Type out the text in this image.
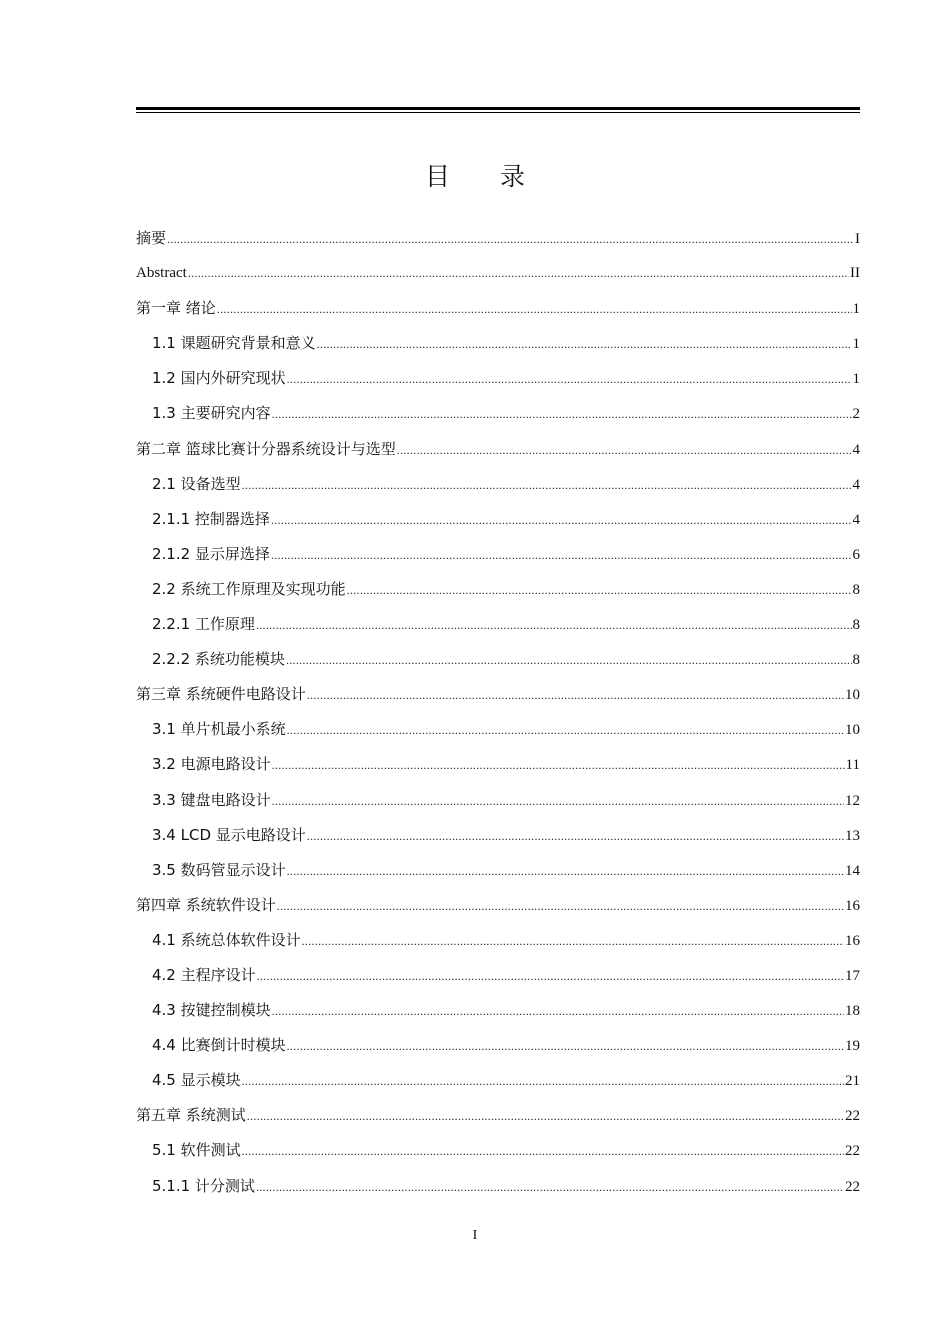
目　　录
摘要 .....	I
Abstract .....	II
第一章 绪论 .....	1
1.1 课题研究背景和意义 .....	1
1.2 国内外研究现状 .....	1
1.3 主要研究内容 .....	2
第二章 篮球比赛计分器系统设计与选型 .....	4
2.1 设备选型 .....	4
2.1.1 控制器选择 .....	4
2.1.2 显示屏选择 .....	6
2.2 系统工作原理及实现功能 .....	8
2.2.1 工作原理 .....	8
2.2.2 系统功能模块 .....	8
第三章 系统硬件电路设计 .....	10
3.1 单片机最小系统 .....	10
3.2 电源电路设计 .....	11
3.3 键盘电路设计 .....	12
3.4 LCD 显示电路设计 .....	13
3.5 数码管显示设计 .....	14
第四章 系统软件设计 .....	16
4.1 系统总体软件设计 .....	16
4.2 主程序设计 .....	17
4.3 按键控制模块 .....	18
4.4 比赛倒计时模块 .....	19
4.5 显示模块 .....	21
第五章 系统测试 .....	22
5.1 软件测试 .....	22
5.1.1 计分测试 .....	22
I
